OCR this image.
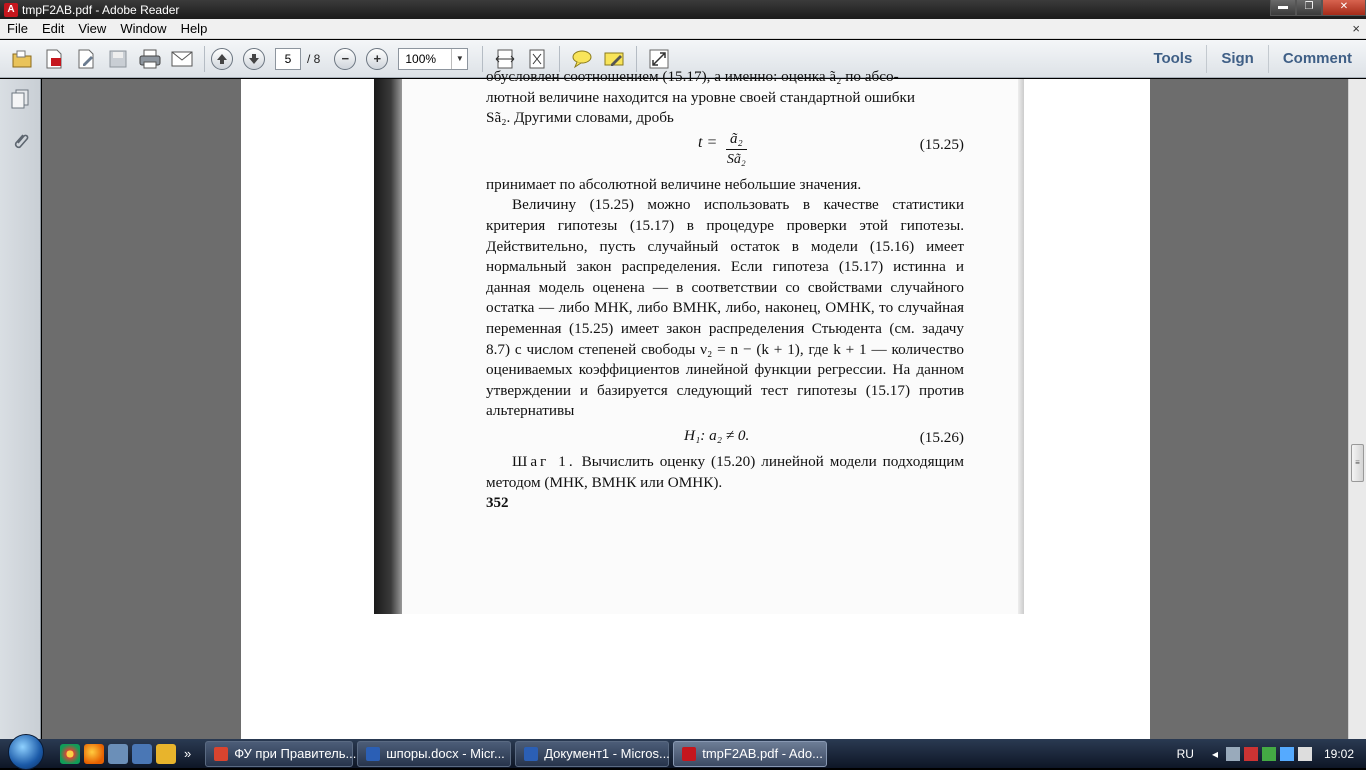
A tmpF2AB.pdf - Adobe Reader	▬	❐	✕
File	Edit	View	Window	Help	×
5	/ 8	−	+	100%	▼	Tools	Sign	Comment

обусловлен соотношением (15.17), а именно: оценка ã₂ по абсо-

лютной величине находится на уровне своей стандартной ошибки

Sã₂. Другими словами, дробь

$t = \frac{\text{ã₂}}{\text{Sã₂}}$	(15.25)

принимает по абсолютной величине небольшие значения.

Величину (15.25) можно использовать в качестве статистики критерия гипотезы (15.17) в процедуре проверки этой гипотезы. Действительно, пусть случайный остаток в модели (15.16) имеет нормальный закон распределения. Если гипотеза (15.17) истинна и данная модель оценена — в соответствии со свойствами случайного остатка — либо МНК, либо ВМНК, либо, наконец, ОМНК, то случайная переменная (15.25) имеет закон распределения Стьюдента (см. задачу 8.7) с числом степеней свободы ν₂ = n − (k + 1), где k + 1 — количество оцениваемых коэффициентов линейной функции регрессии. На данном утверждении и базируется следующий тест гипотезы (15.17) против альтернативы

H₁: a₂ ≠ 0.	(15.26)

Шаг 1. Вычислить оценку (15.20) линейной модели подходящим методом (МНК, ВМНК или ОМНК).

352

≡
»	ФУ при Правитель... шпоры.docx - Micr...	Документ1 - Micros... tmpF2AB.pdf - Ado...	RU ◂	19:02
